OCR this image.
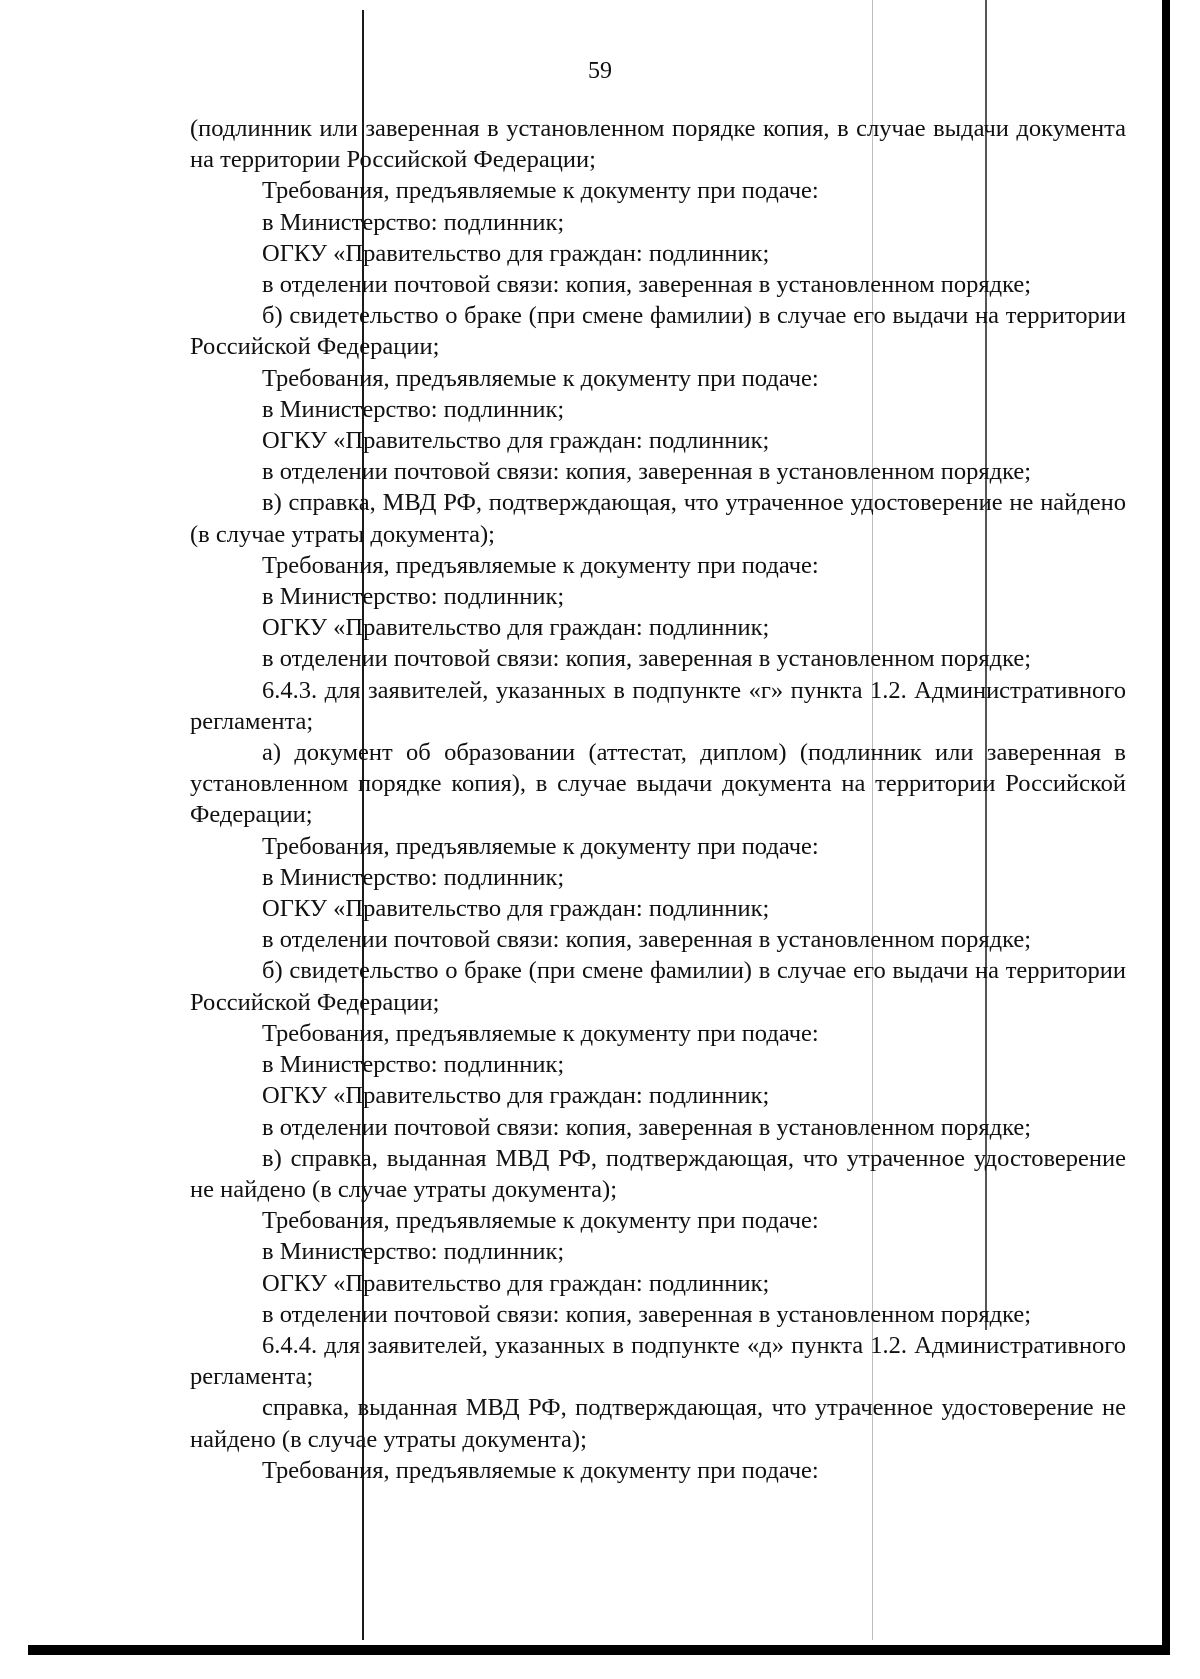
59

(подлинник или заверенная в установленном порядке копия, в случае выдачи документа на территории Российской Федерации;

Требования, предъявляемые к документу при подаче:

в Министерство: подлинник;

ОГКУ «Правительство для граждан: подлинник;

в отделении почтовой связи: копия, заверенная в установленном порядке;

б) свидетельство о браке (при смене фамилии) в случае его выдачи на территории Российской Федерации;

Требования, предъявляемые к документу при подаче:

в Министерство: подлинник;

ОГКУ «Правительство для граждан: подлинник;

в отделении почтовой связи: копия, заверенная в установленном порядке;

в) справка, МВД РФ, подтверждающая, что утраченное удостоверение не найдено (в случае утраты документа);

Требования, предъявляемые к документу при подаче:

в Министерство: подлинник;

ОГКУ «Правительство для граждан: подлинник;

в отделении почтовой связи: копия, заверенная в установленном порядке;

6.4.3. для заявителей, указанных в подпункте «г» пункта 1.2. Административного регламента;

а) документ об образовании (аттестат, диплом) (подлинник или заверенная в установленном порядке копия), в случае выдачи документа на территории Российской Федерации;

Требования, предъявляемые к документу при подаче:

в Министерство: подлинник;

ОГКУ «Правительство для граждан: подлинник;

в отделении почтовой связи: копия, заверенная в установленном порядке;

б) свидетельство о браке (при смене фамилии) в случае его выдачи на территории Российской Федерации;

Требования, предъявляемые к документу при подаче:

в Министерство: подлинник;

ОГКУ «Правительство для граждан: подлинник;

в отделении почтовой связи: копия, заверенная в установленном порядке;

в) справка, выданная МВД РФ, подтверждающая, что утраченное удостоверение не найдено (в случае утраты документа);

Требования, предъявляемые к документу при подаче:

в Министерство: подлинник;

ОГКУ «Правительство для граждан: подлинник;

в отделении почтовой связи: копия, заверенная в установленном порядке;

6.4.4. для заявителей, указанных в подпункте «д» пункта 1.2. Административного регламента;

справка, выданная МВД РФ, подтверждающая, что утраченное удостоверение не найдено (в случае утраты документа);

Требования, предъявляемые к документу при подаче:
